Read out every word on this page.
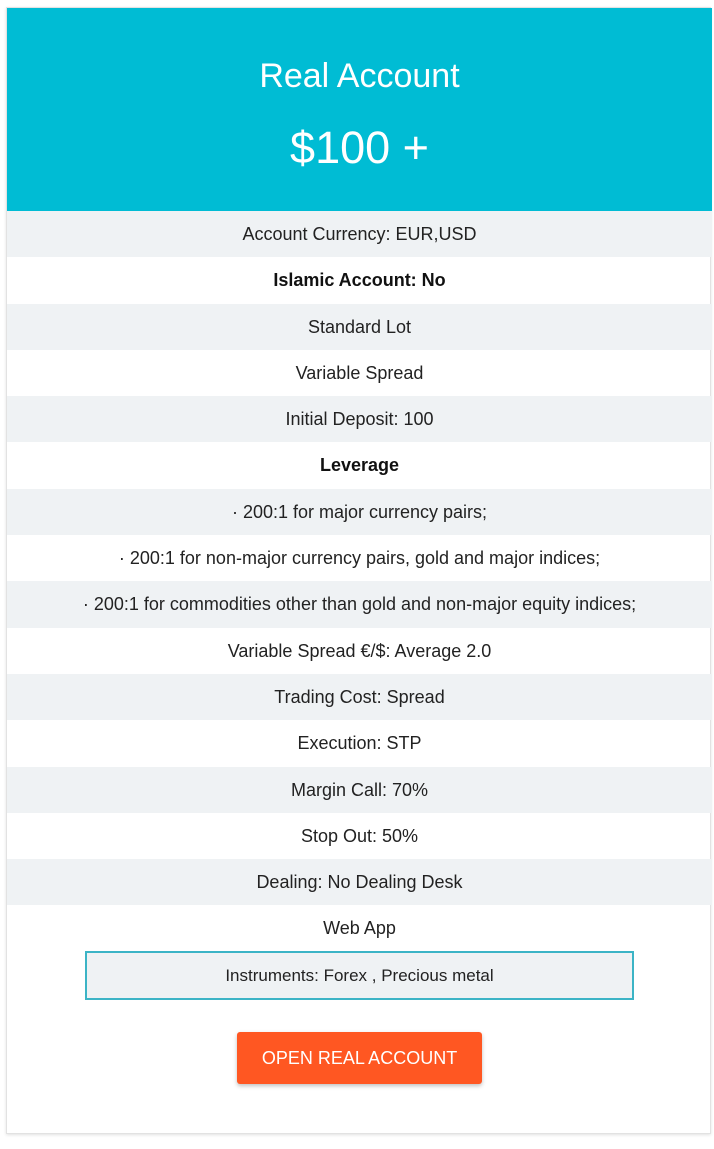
Real Account
$100 +
Account Currency: EUR,USD
Islamic Account: No
Standard Lot
Variable Spread
Initial Deposit: 100
Leverage
· 200:1 for major currency pairs;
· 200:1 for non-major currency pairs, gold and major indices;
· 200:1 for commodities other than gold and non-major equity indices;
Variable Spread €/$: Average 2.0
Trading Cost: Spread
Execution: STP
Margin Call: 70%
Stop Out: 50%
Dealing: No Dealing Desk
Web App
Instruments: Forex , Precious metal
OPEN REAL ACCOUNT
